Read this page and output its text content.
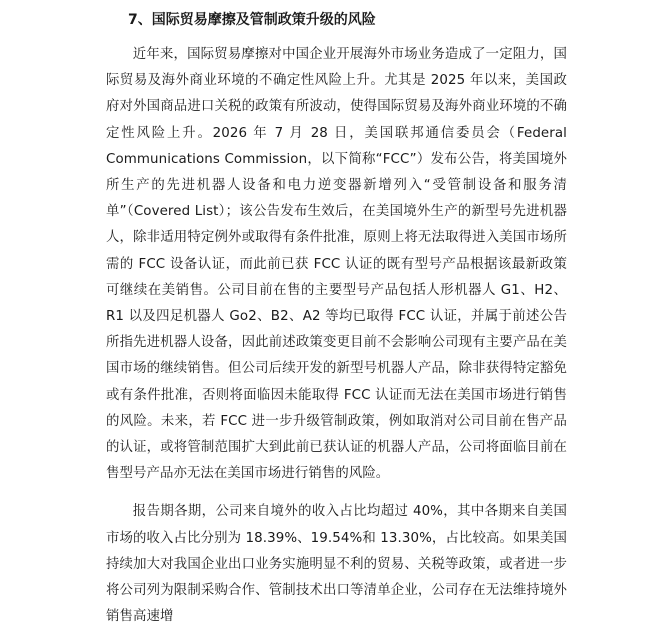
7、国际贸易摩擦及管制政策升级的风险

近年来，国际贸易摩擦对中国企业开展海外市场业务造成了一定阻力，国际贸易及海外商业环境的不确定性风险上升。尤其是 2025 年以来，美国政府对外国商品进口关税的政策有所波动，使得国际贸易及海外商业环境的不确定性风险上升。2026 年 7 月 28 日，美国联邦通信委员会（Federal Communications Commission，以下简称“FCC”）发布公告，将美国境外所生产的先进机器人设备和电力逆变器新增列入“受管制设备和服务清单”（Covered List）；该公告发布生效后，在美国境外生产的新型号先进机器人，除非适用特定例外或取得有条件批准，原则上将无法取得进入美国市场所需的 FCC 设备认证，而此前已获 FCC 认证的既有型号产品根据该最新政策可继续在美销售。公司目前在售的主要型号产品包括人形机器人 G1、H2、R1 以及四足机器人 Go2、B2、A2 等均已取得 FCC 认证，并属于前述公告所指先进机器人设备，因此前述政策变更目前不会影响公司现有主要产品在美国市场的继续销售。但公司后续开发的新型号机器人产品，除非获得特定豁免或有条件批准，否则将面临因未能取得 FCC 认证而无法在美国市场进行销售的风险。未来，若 FCC 进一步升级管制政策，例如取消对公司目前在售产品的认证，或将管制范围扩大到此前已获认证的机器人产品，公司将面临目前在售型号产品亦无法在美国市场进行销售的风险。

报告期各期，公司来自境外的收入占比均超过 40%，其中各期来自美国市场的收入占比分别为 18.39%、19.54%和 13.30%，占比较高。如果美国持续加大对我国企业出口业务实施明显不利的贸易、关税等政策，或者进一步将公司列为限制采购合作、管制技术出口等清单企业，公司存在无法维持境外销售高速增
